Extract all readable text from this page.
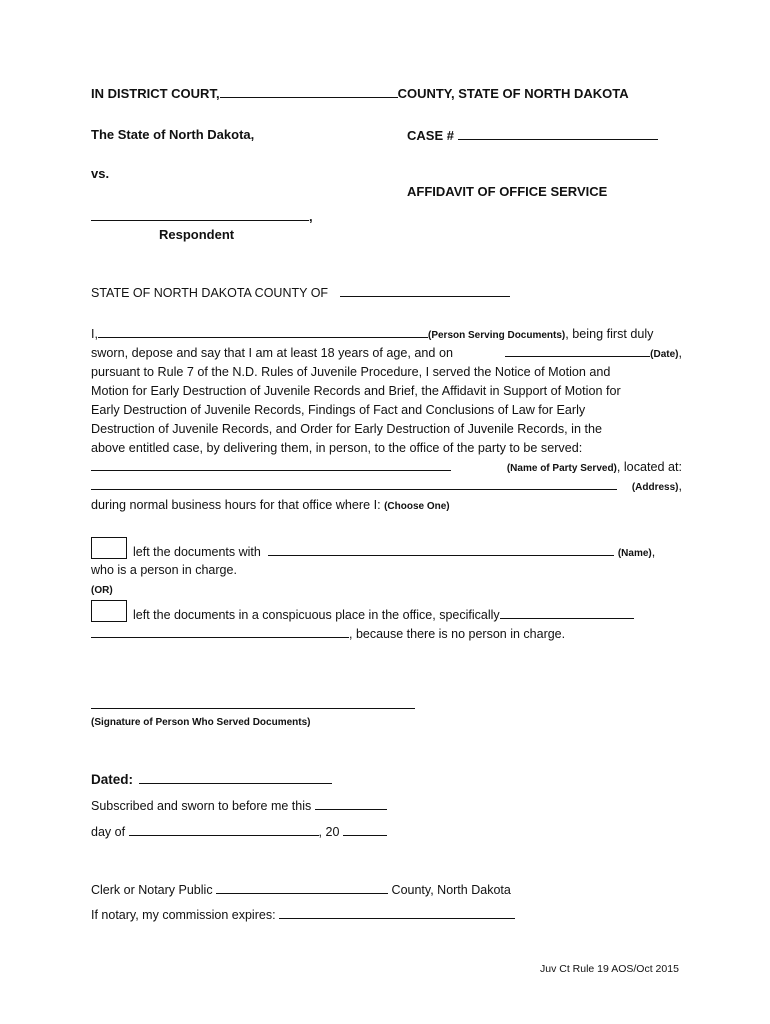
IN DISTRICT COURT,	COUNTY, STATE OF NORTH DAKOTA
The State of North Dakota,	CASE #
vs.
AFFIDAVIT OF OFFICE SERVICE
,
Respondent
STATE OF NORTH DAKOTA COUNTY OF
I,	(Person Serving Documents), being first duly
sworn, depose and say that I am at least 18 years of age, and on	(Date),
pursuant to Rule 7 of the N.D. Rules of Juvenile Procedure, I served the Notice of Motion and
Motion for Early Destruction of Juvenile Records and Brief, the Affidavit in Support of Motion for
Early Destruction of Juvenile Records, Findings of Fact and Conclusions of Law for Early
Destruction of Juvenile Records, and Order for Early Destruction of Juvenile Records, in the
above entitled case, by delivering them, in person, to the office of the party to be served:
(Name of Party Served), located at:
(Address),
during normal business hours for that office where I: (Choose One)
left the documents with	(Name),
who is a person in charge.
(OR)
left the documents in a conspicuous place in the office, specifically
, because there is no person in charge.
(Signature of Person Who Served Documents)
Dated:
Subscribed and sworn to before me this
day of	, 20
Clerk or Notary Public	County, North Dakota
If notary, my commission expires:
Juv Ct Rule 19 AOS/Oct 2015
